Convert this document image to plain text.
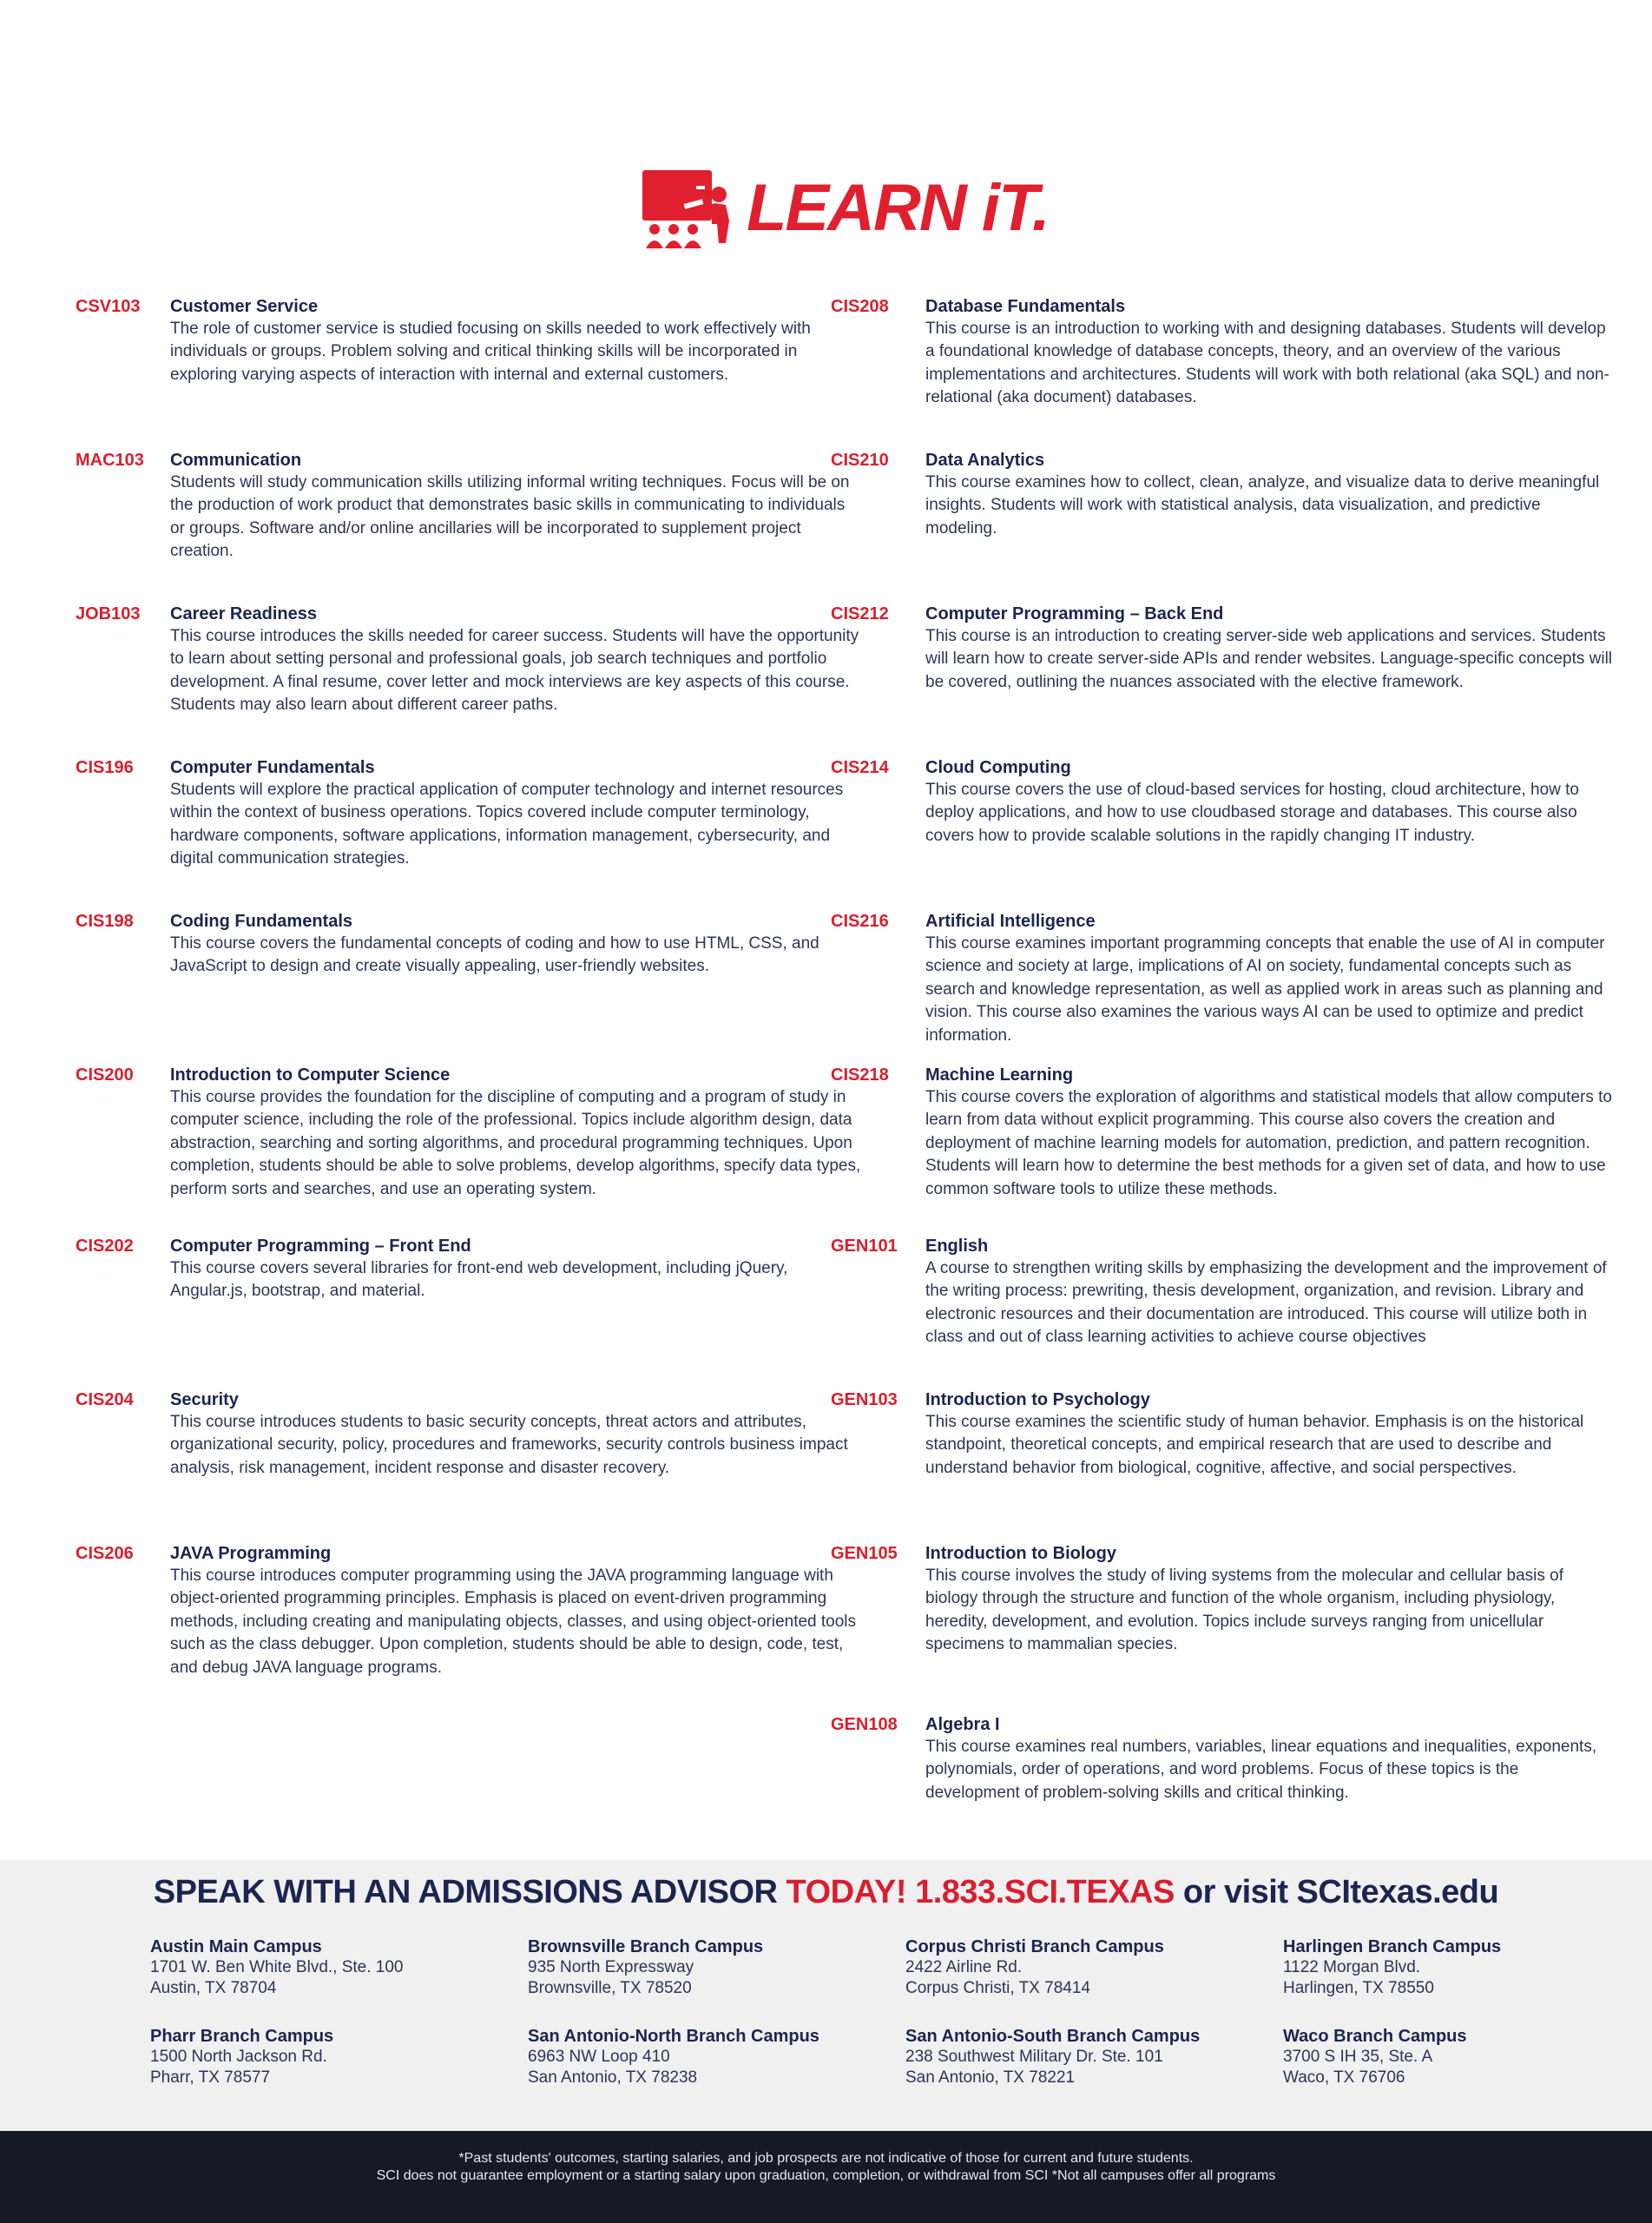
LEARN iT.
CSV103	Customer Service
The role of customer service is studied focusing on skills needed to work effectively with individuals or groups. Problem solving and critical thinking skills will be incorporated in exploring varying aspects of interaction with internal and external customers.
MAC103	Communication
Students will study communication skills utilizing informal writing techniques. Focus will be on the production of work product that demonstrates basic skills in communicating to individuals or groups. Software and/or online ancillaries will be incorporated to supplement project creation.
JOB103	Career Readiness
This course introduces the skills needed for career success. Students will have the opportunity to learn about setting personal and professional goals, job search techniques and portfolio development. A final resume, cover letter and mock interviews are key aspects of this course. Students may also learn about different career paths.
CIS196	Computer Fundamentals
Students will explore the practical application of computer technology and internet resources within the context of business operations. Topics covered include computer terminology, hardware components, software applications, information management, cybersecurity, and digital communication strategies.
CIS198	Coding Fundamentals
This course covers the fundamental concepts of coding and how to use HTML, CSS, and JavaScript to design and create visually appealing, user-friendly websites.
CIS200	Introduction to Computer Science
This course provides the foundation for the discipline of computing and a program of study in computer science, including the role of the professional. Topics include algorithm design, data abstraction, searching and sorting algorithms, and procedural programming techniques. Upon completion, students should be able to solve problems, develop algorithms, specify data types, perform sorts and searches, and use an operating system.
CIS202	Computer Programming – Front End
This course covers several libraries for front-end web development, including jQuery, Angular.js, bootstrap, and material.
CIS204	Security
This course introduces students to basic security concepts, threat actors and attributes, organizational security, policy, procedures and frameworks, security controls business impact analysis, risk management, incident response and disaster recovery.
CIS206	JAVA Programming
This course introduces computer programming using the JAVA programming language with object-oriented programming principles. Emphasis is placed on event-driven programming methods, including creating and manipulating objects, classes, and using object-oriented tools such as the class debugger. Upon completion, students should be able to design, code, test, and debug JAVA language programs.
CIS208	Database Fundamentals
This course is an introduction to working with and designing databases. Students will develop a foundational knowledge of database concepts, theory, and an overview of the various implementations and architectures. Students will work with both relational (aka SQL) and non-relational (aka document) databases.
CIS210	Data Analytics
This course examines how to collect, clean, analyze, and visualize data to derive meaningful insights. Students will work with statistical analysis, data visualization, and predictive modeling.
CIS212	Computer Programming – Back End
This course is an introduction to creating server-side web applications and services. Students will learn how to create server-side APIs and render websites. Language-specific concepts will be covered, outlining the nuances associated with the elective framework.
CIS214	Cloud Computing
This course covers the use of cloud-based services for hosting, cloud architecture, how to deploy applications, and how to use cloudbased storage and databases. This course also covers how to provide scalable solutions in the rapidly changing IT industry.
CIS216	Artificial Intelligence
This course examines important programming concepts that enable the use of AI in computer science and society at large, implications of AI on society, fundamental concepts such as search and knowledge representation, as well as applied work in areas such as planning and vision. This course also examines the various ways AI can be used to optimize and predict information.
CIS218	Machine Learning
This course covers the exploration of algorithms and statistical models that allow computers to learn from data without explicit programming. This course also covers the creation and deployment of machine learning models for automation, prediction, and pattern recognition. Students will learn how to determine the best methods for a given set of data, and how to use common software tools to utilize these methods.
GEN101	English
A course to strengthen writing skills by emphasizing the development and the improvement of the writing process: prewriting, thesis development, organization, and revision. Library and electronic resources and their documentation are introduced. This course will utilize both in class and out of class learning activities to achieve course objectives
GEN103	Introduction to Psychology
This course examines the scientific study of human behavior. Emphasis is on the historical standpoint, theoretical concepts, and empirical research that are used to describe and understand behavior from biological, cognitive, affective, and social perspectives.
GEN105	Introduction to Biology
This course involves the study of living systems from the molecular and cellular basis of biology through the structure and function of the whole organism, including physiology, heredity, development, and evolution. Topics include surveys ranging from unicellular specimens to mammalian species.
GEN108	Algebra I
This course examines real numbers, variables, linear equations and inequalities, exponents, polynomials, order of operations, and word problems. Focus of these topics is the development of problem-solving skills and critical thinking.
SPEAK WITH AN ADMISSIONS ADVISOR TODAY! 1.833.SCI.TEXAS or visit SCItexas.edu
Austin Main Campus
1701 W. Ben White Blvd., Ste. 100
Austin, TX 78704
Brownsville Branch Campus
935 North Expressway
Brownsville, TX 78520
Corpus Christi Branch Campus
2422 Airline Rd.
Corpus Christi, TX 78414
Harlingen Branch Campus
1122 Morgan Blvd.
Harlingen, TX 78550
Pharr Branch Campus
1500 North Jackson Rd.
Pharr, TX 78577
San Antonio-North Branch Campus
6963 NW Loop 410
San Antonio, TX 78238
San Antonio-South Branch Campus
238 Southwest Military Dr. Ste. 101
San Antonio, TX 78221
Waco Branch Campus
3700 S IH 35, Ste. A
Waco, TX 76706
*Past students' outcomes, starting salaries, and job prospects are not indicative of those for current and future students.
SCI does not guarantee employment or a starting salary upon graduation, completion, or withdrawal from SCI *Not all campuses offer all programs
